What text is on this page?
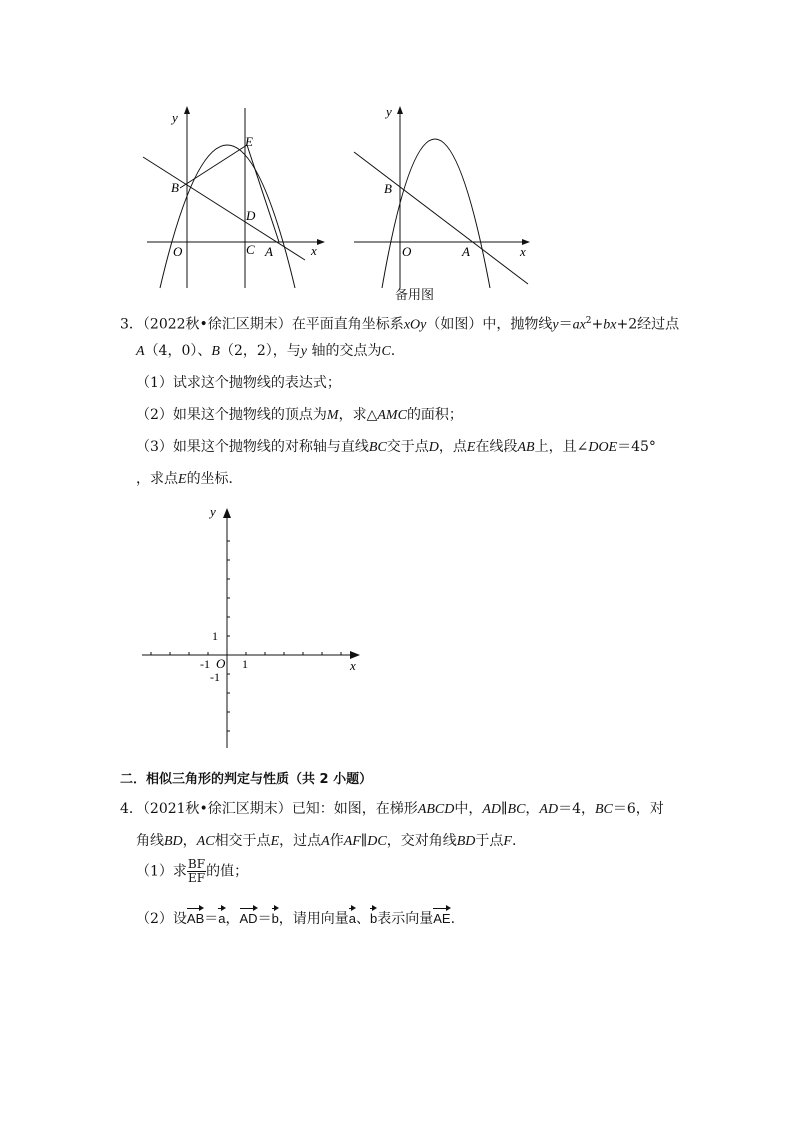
y
x
O	A
B
C
D
E
y
x
O	A
B
备用图
3．（2022秋•徐汇区期末）在平面直角坐标系xOy（如图）中，抛物线$y=ax^2+bx+2$经过点
A（4，0）、B（2，2），与y 轴的交点为C.
（1）试求这个抛物线的表达式；
（2）如果这个抛物线的顶点为M，求△AMC的面积；
（3）如果这个抛物线的对称轴与直线BC交于点D，点E在线段AB上，且∠DOE＝45°
，求点E的坐标．
y
x
O
1
1
-1
-1
二．相似三角形的判定与性质（共 2 小题）
4．（2021秋•徐汇区期末）已知：如图，在梯形ABCD中，AD∥BC，AD＝4，BC＝6，对
角线BD，AC相交于点E，过点A作AF∥DC，交对角线BD于点F.
（1）求 $\frac{BF}{EF}$ 的值；
（2）设AB＝a，AD＝b，请用向量a、b表示向量AE.
